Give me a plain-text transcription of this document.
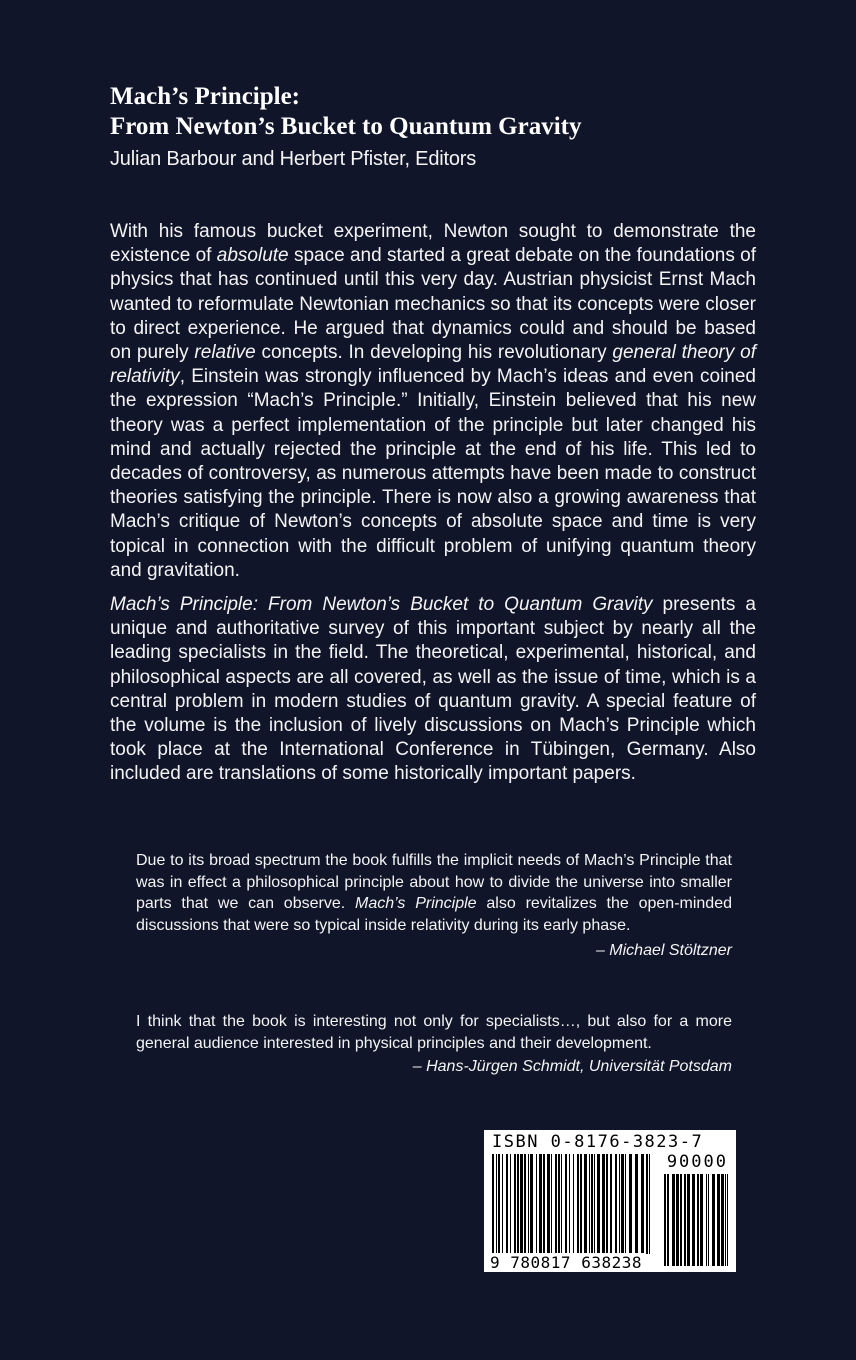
Mach’s Principle:
From Newton’s Bucket to Quantum Gravity
Julian Barbour and Herbert Pfister, Editors

With his famous bucket experiment, Newton sought to demonstrate the existence of absolute space and started a great debate on the foundations of physics that has continued until this very day. Austrian physicist Ernst Mach wanted to reformulate Newtonian mechanics so that its concepts were closer to direct experience. He argued that dynamics could and should be based on purely relative concepts. In developing his revolutionary general theory of relativity, Einstein was strongly influenced by Mach’s ideas and even coined the expression “Mach’s Principle.” Initially, Einstein believed that his new theory was a perfect implementation of the principle but later changed his mind and actually rejected the principle at the end of his life. This led to decades of controversy, as numerous attempts have been made to construct theories satisfying the principle. There is now also a growing awareness that Mach’s critique of Newton’s concepts of absolute space and time is very topical in connection with the difficult problem of unifying quantum theory and gravitation.

Mach’s Principle: From Newton’s Bucket to Quantum Gravity presents a unique and authoritative survey of this important subject by nearly all the leading specialists in the field. The theoretical, experimental, historical, and philosophical aspects are all covered, as well as the issue of time, which is a central problem in modern studies of quantum gravity. A special feature of the volume is the inclusion of lively discussions on Mach’s Principle which took place at the International Conference in Tübingen, Germany. Also included are translations of some historically important papers.

Due to its broad spectrum the book fulfills the implicit needs of Mach’s Principle that was in effect a philosophical principle about how to divide the universe into smaller parts that we can observe. Mach’s Principle also revitalizes the open-minded discussions that were so typical inside relativity during its early phase.
– Michael Stöltzner
I think that the book is interesting not only for specialists…, but also for a more general audience interested in physical principles and their development.
– Hans-Jürgen Schmidt, Universität Potsdam
ISBN 0-8176-3823-7
90000
9 780817 638238
